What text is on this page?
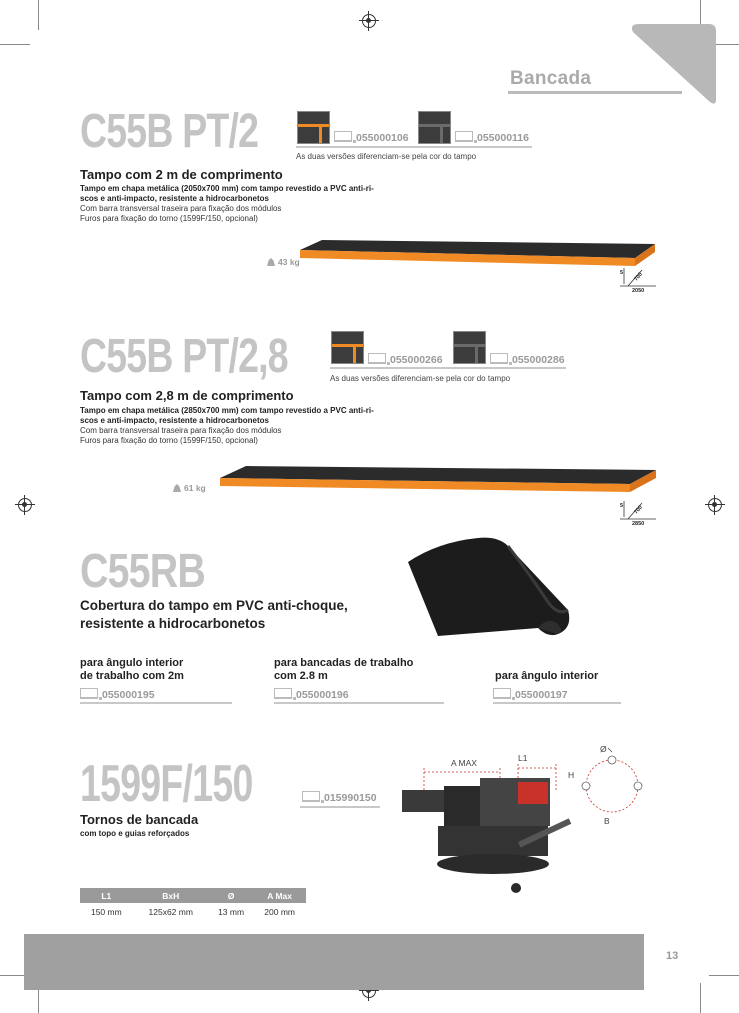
Bancada
C55B PT/2	055000106	055000116
As duas versões diferenciam-se pela cor do tampo
Tampo com 2 m de comprimento
Tampo em chapa metálica (2050x700 mm) com tampo revestido a PVC anti-ri-
scos e anti-impacto, resistente a hidrocarbonetos
Com barra transversal traseira para fixação dos módulos
Furos para fixação do torno (1599F/150, opcional)
43 kg
5 700
2050
C55B PT/2,8	055000266	055000286
As duas versões diferenciam-se pela cor do tampo
Tampo com 2,8 m de comprimento
Tampo em chapa metálica (2850x700 mm) com tampo revestido a PVC anti-ri-
scos e anti-impacto, resistente a hidrocarbonetos
Com barra transversal traseira para fixação dos módulos
Furos para fixação do torno (1599F/150, opcional)
61 kg
5 700
2850
C55RB
Cobertura do tampo em PVC anti-choque,
resistente a hidrocarbonetos
para ângulo interior
de trabalho com 2m
055000195
para bancadas de trabalho
com 2.8 m
055000196
para ângulo interior
055000197
1599F/150	015990150
Tornos de bancada
com topo e guias reforçados
A MAX	L1
Ø
H
B
L1	BxH	Ø	A Max
150 mm	125x62 mm	13 mm	200 mm
13
